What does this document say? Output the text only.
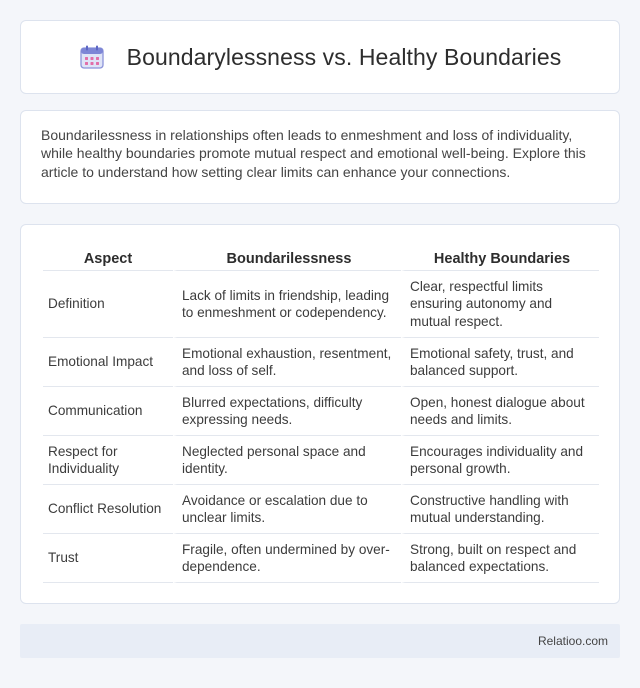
Boundarylessness vs. Healthy Boundaries

Boundarilessness in relationships often leads to enmeshment and loss of individuality, while healthy boundaries promote mutual respect and emotional well-being. Explore this article to understand how setting clear limits can enhance your connections.

Aspect	Boundarilessness	Healthy Boundaries
Definition	Lack of limits in friendship, leading to enmeshment or codependency.	Clear, respectful limits ensuring autonomy and mutual respect.
Emotional Impact	Emotional exhaustion, resentment, and loss of self.	Emotional safety, trust, and balanced support.
Communication	Blurred expectations, difficulty expressing needs.	Open, honest dialogue about needs and limits.
Respect for Individuality	Neglected personal space and identity.	Encourages individuality and personal growth.
Conflict Resolution	Avoidance or escalation due to unclear limits.	Constructive handling with mutual understanding.
Trust	Fragile, often undermined by over-dependence.	Strong, built on respect and balanced expectations.
Relatioo.com
